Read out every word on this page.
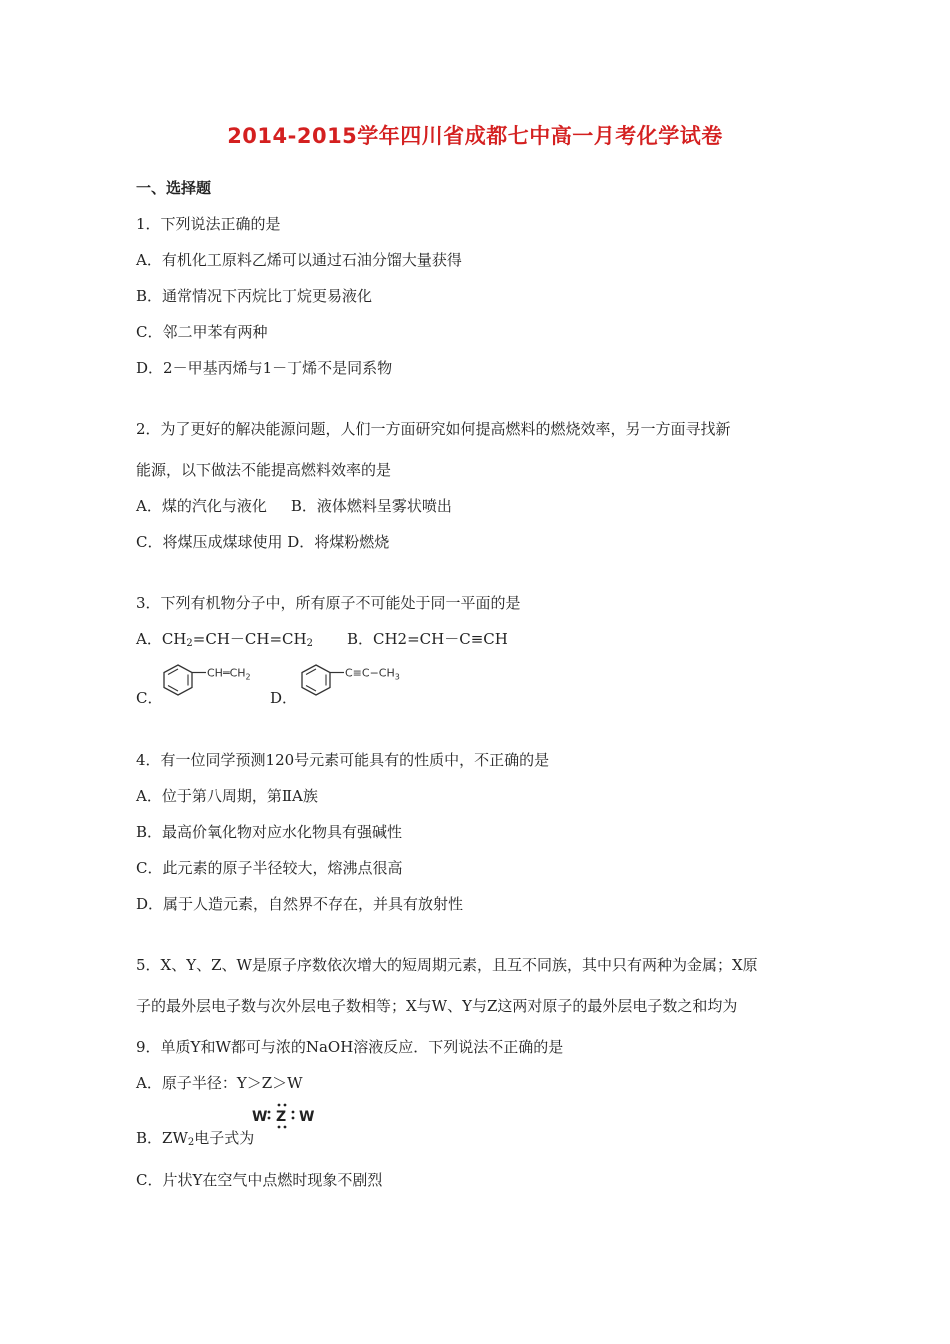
2014-2015学年四川省成都七中高一月考化学试卷
一、选择题
1．下列说法正确的是
A．有机化工原料乙烯可以通过石油分馏大量获得
B．通常情况下丙烷比丁烷更易液化
C．邻二甲苯有两种
D．2－甲基丙烯与1－丁烯不是同系物
2．为了更好的解决能源问题，人们一方面研究如何提高燃料的燃烧效率，另一方面寻找新
能源，以下做法不能提高燃料效率的是
A．煤的汽化与液化 B．液体燃料呈雾状喷出
C．将煤压成煤球使用 D．将煤粉燃烧
3．下列有机物分子中，所有原子不可能处于同一平面的是
A．$CH_2=CH-CH=CH_2$ B．CH2=CH－C≡CH
C．	D．
$CH═CH_2$	$C\equiv C-CH_3$
4．有一位同学预测120号元素可能具有的性质中，不正确的是
A．位于第八周期，第ⅡA族
B．最高价氧化物对应水化物具有强碱性
C．此元素的原子半径较大，熔沸点很高
D．属于人造元素，自然界不存在，并具有放射性
5．X、Y、Z、W是原子序数依次增大的短周期元素，且互不同族，其中只有两种为金属；X原
子的最外层电子数与次外层电子数相等；X与W、Y与Z这两对原子的最外层电子数之和均为
9．单质Y和W都可与浓的NaOH溶液反应．下列说法不正确的是
A．原子半径：Y＞Z＞W
B．$ZW_2$电子式为
W Z W
C．片状Y在空气中点燃时现象不剧烈
